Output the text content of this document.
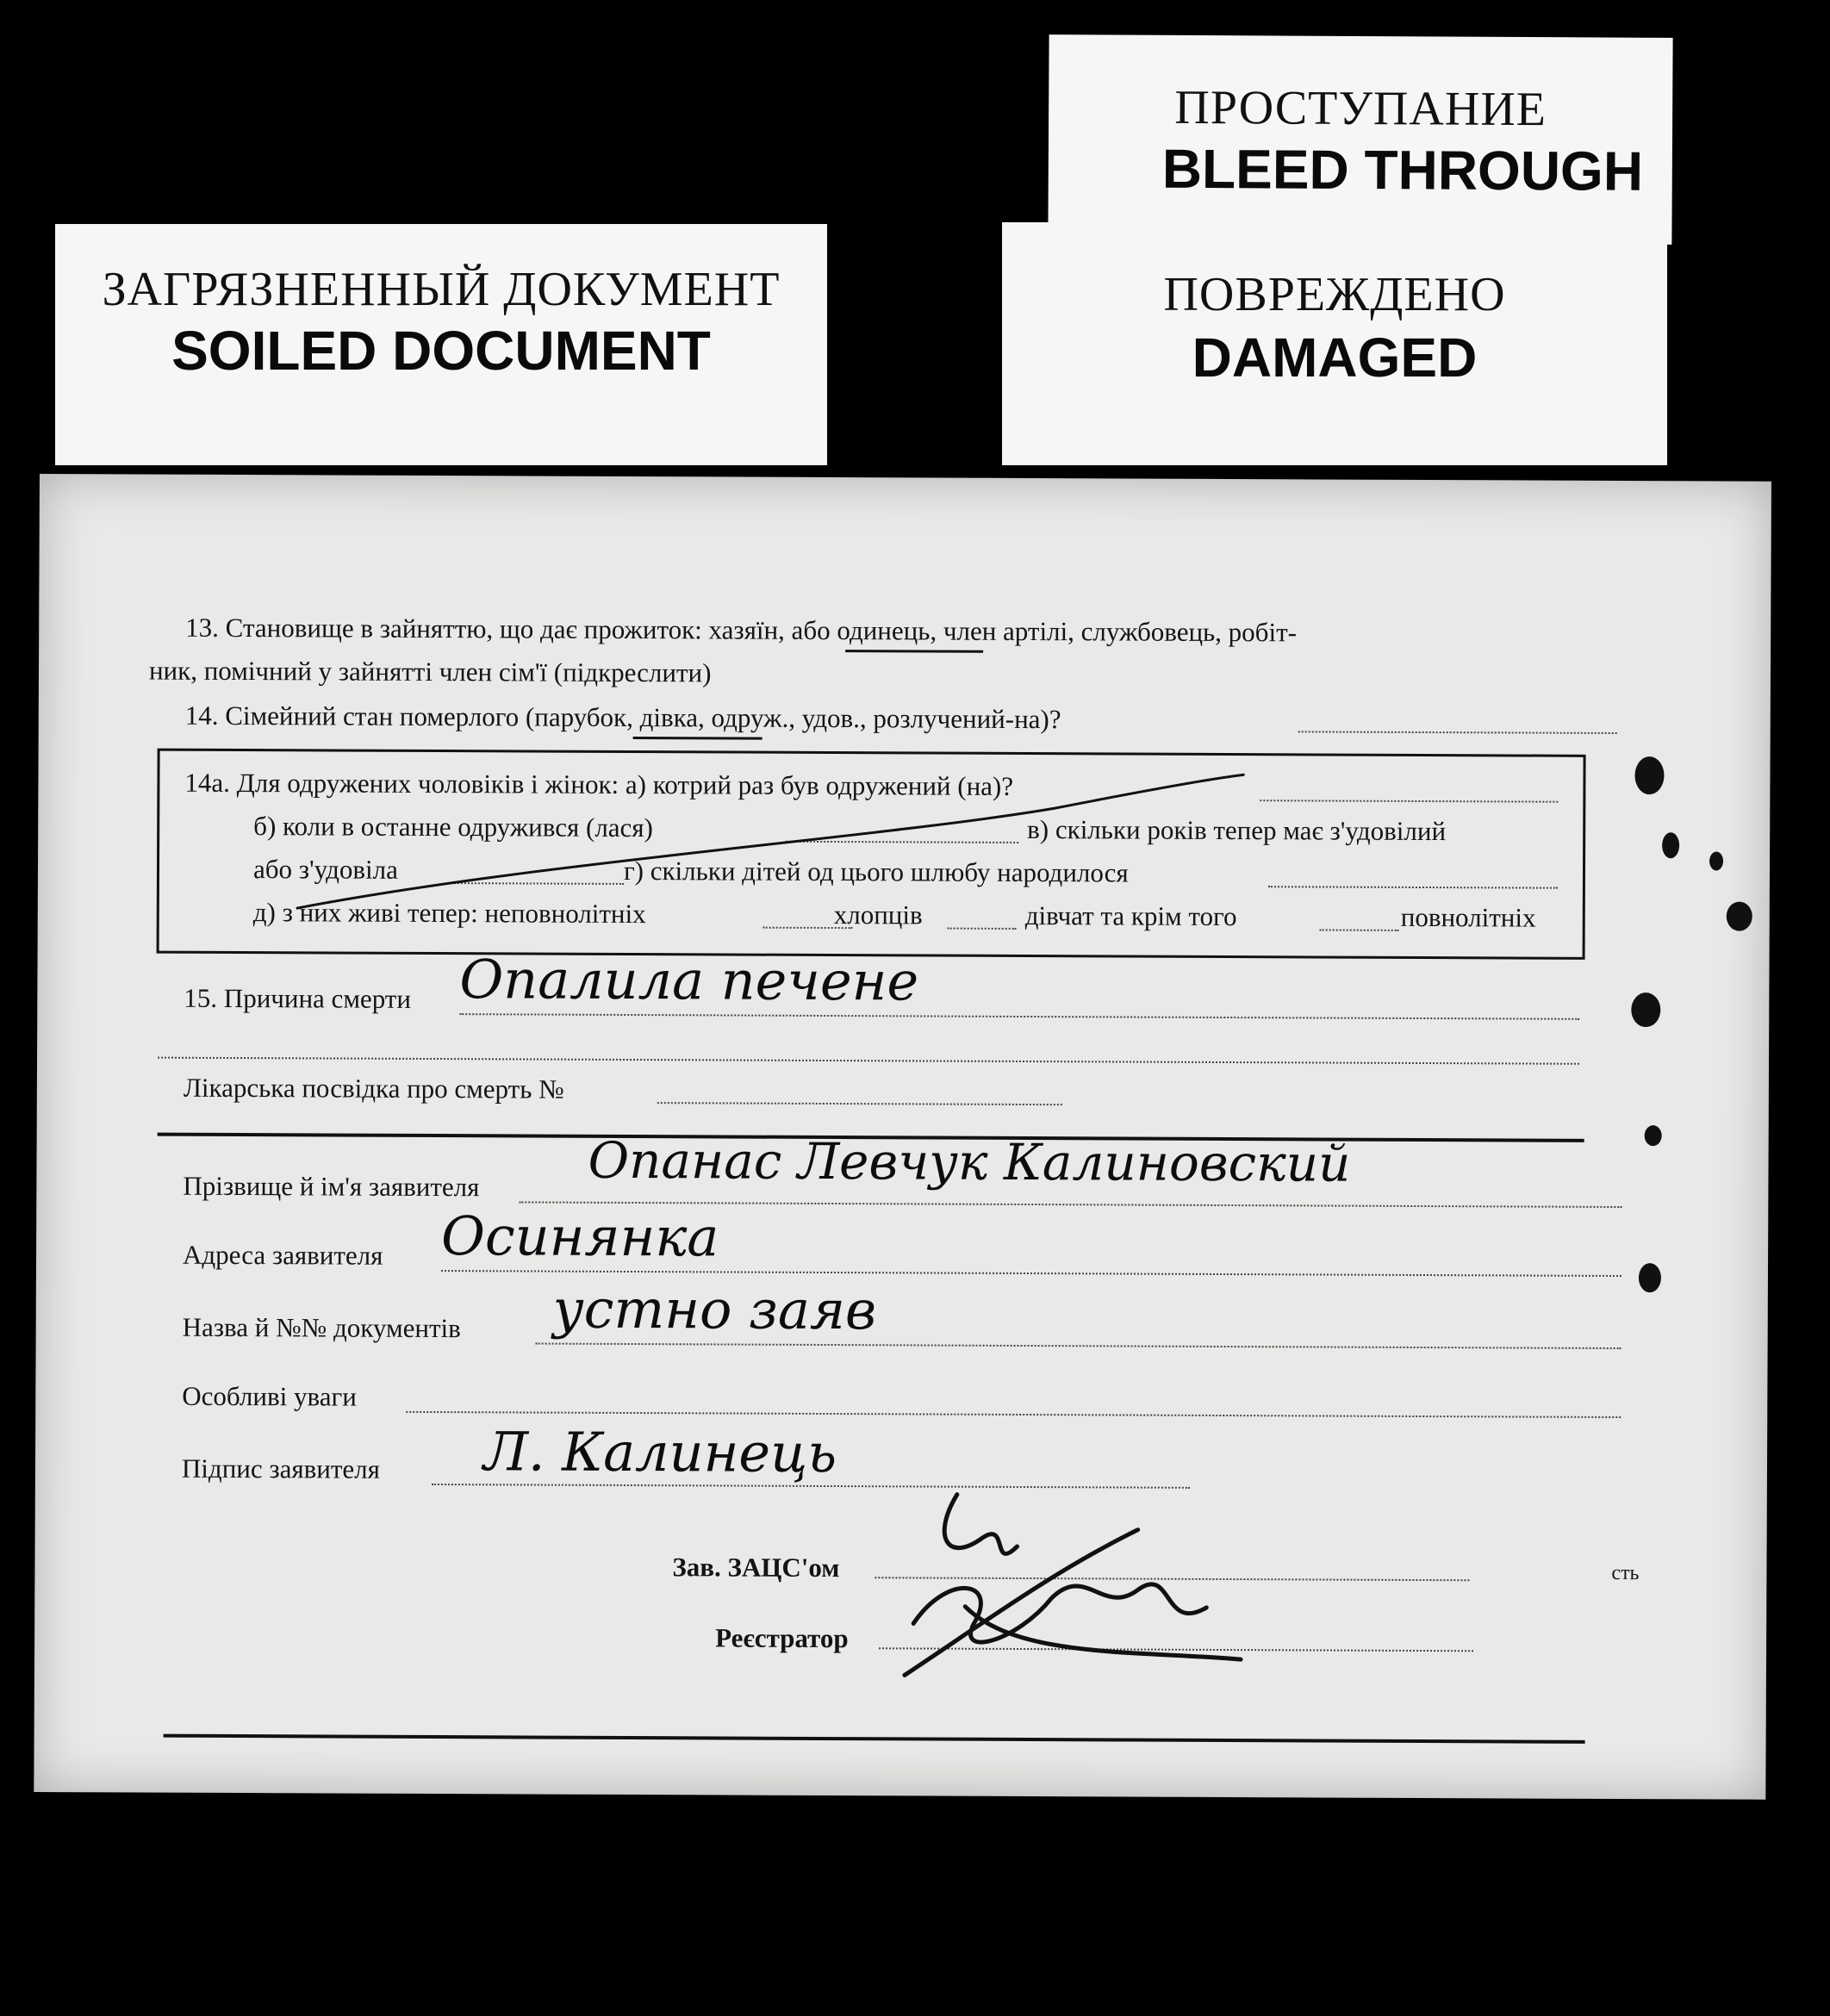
ПРОСТУПАНИЕ
BLEED THROUGH
ЗАГРЯЗНЕННЫЙ ДОКУМЕНТ
SOILED DOCUMENT
ПОВРЕЖДЕНО
DAMAGED
13. Становище в зайняттю, що дає прожиток: хазяїн, або одинець, член артілі, службовець, робіт-
ник, помічний у зайнятті член сім'ї (підкреслити)
14. Сімейний стан померлого (парубок, дівка, одруж., удов., розлучений-на)?
14а. Для одружених чоловіків і жінок: а) котрий раз був одружений (на)?
б) коли в останне одружився (лася)	в) скільки років тепер має з'удовілий
або з'удовіла	г) скільки дітей од цього шлюбу народилося
д) з них живі тепер: неповнолітніх	хлопців	дівчат та крім того	повнолітніх
15. Причина смерти Опалила печене
Лікарська посвідка про смерть №
Прізвище й ім'я заявителя Опанас Левчук Калиновский
Адреса заявителя Осинянка
Назва й №№ документів устно заяв
Особливі уваги
Підпис заявителя Л. Калинець
Зав. ЗАЦС'ом
Реєстратор
сть
